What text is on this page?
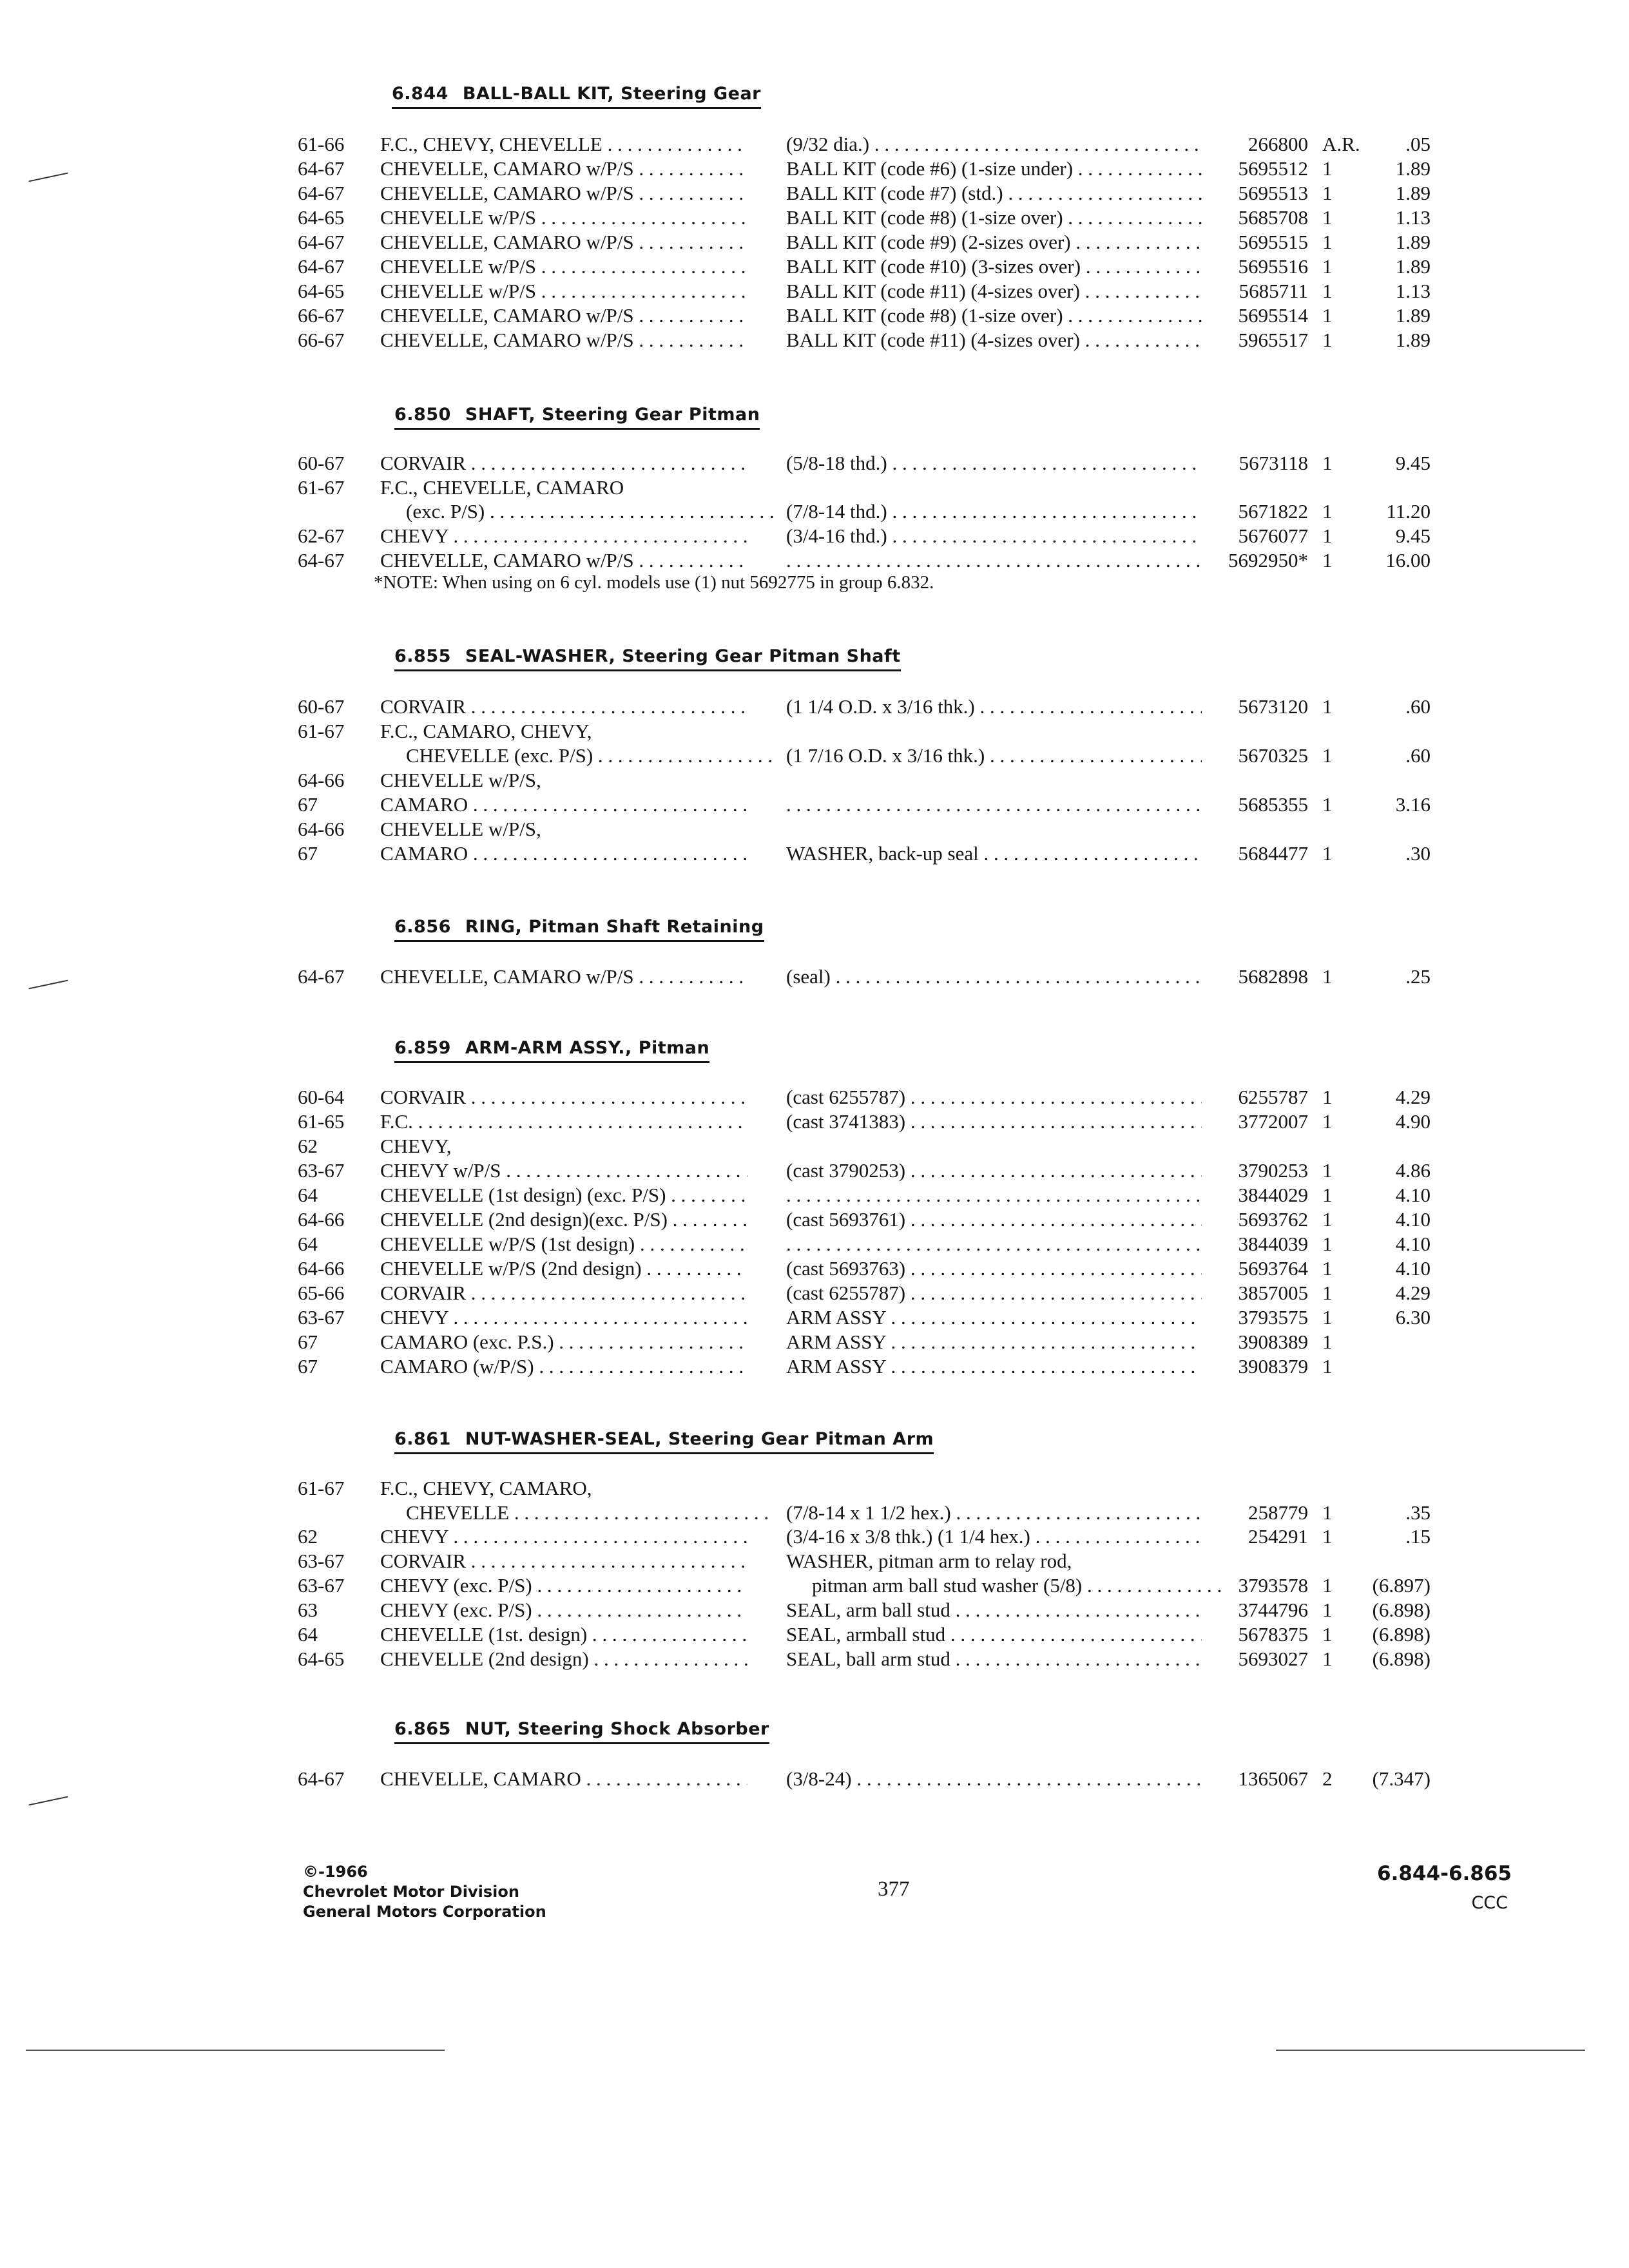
6.844 BALL-BALL KIT, Steering Gear
61-66 F.C., CHEVY, CHEVELLE . . .	(9/32 dia.) . . .	266800 A.R.	.05
64-67 CHEVELLE, CAMARO w/P/S . . .	BALL KIT (code #6) (1-size under) . . .	5695512 1	1.89
64-67 CHEVELLE, CAMARO w/P/S . . .	BALL KIT (code #7) (std.) . . .	5695513 1	1.89
64-65 CHEVELLE w/P/S . . .	BALL KIT (code #8) (1-size over) . . .	5685708 1	1.13
64-67 CHEVELLE, CAMARO w/P/S . . .	BALL KIT (code #9) (2-sizes over) . . .	5695515 1	1.89
64-67 CHEVELLE w/P/S . . .	BALL KIT (code #10) (3-sizes over) . . .	5695516 1	1.89
64-65 CHEVELLE w/P/S . . .	BALL KIT (code #11) (4-sizes over) . . .	5685711 1	1.13
66-67 CHEVELLE, CAMARO w/P/S . . .	BALL KIT (code #8) (1-size over) . . .	5695514 1	1.89
66-67 CHEVELLE, CAMARO w/P/S . . .	BALL KIT (code #11) (4-sizes over) . . .	5965517 1	1.89
6.850 SHAFT, Steering Gear Pitman
60-67 CORVAIR . . .	(5/8-18 thd.) . . .	5673118 1	9.45
61-67 F.C., CHEVELLE, CAMARO
(exc. P/S) . . .	(7/8-14 thd.) . . .	5671822 1	11.20
62-67 CHEVY . . .	(3/4-16 thd.) . . .	5676077 1	9.45
64-67 CHEVELLE, CAMARO w/P/S . . . . . .	5692950* 1	16.00
*NOTE: When using on 6 cyl. models use (1) nut 5692775 in group 6.832.
6.855 SEAL-WASHER, Steering Gear Pitman Shaft
60-67 CORVAIR . . .	(1 1/4 O.D. x 3/16 thk.) . . .	5673120 1	.60
61-67 F.C., CAMARO, CHEVY,
CHEVELLE (exc. P/S) . . .	(1 7/16 O.D. x 3/16 thk.) . . .	5670325 1	.60
64-66 CHEVELLE w/P/S,
67	CAMARO . . . . . .	5685355 1	3.16
64-66 CHEVELLE w/P/S,
67	CAMARO . . .	WASHER, back-up seal . . .	5684477 1	.30
6.856 RING, Pitman Shaft Retaining
64-67 CHEVELLE, CAMARO w/P/S . . .	(seal) . . .	5682898 1	.25
6.859 ARM-ARM ASSY., Pitman
60-64 CORVAIR . . .	(cast 6255787) . . .	6255787 1	4.29
61-65 F.C. . . .	(cast 3741383) . . .	3772007 1	4.90
62	CHEVY,
63-67 CHEVY w/P/S . . .	(cast 3790253) . . .	3790253 1	4.86
64	CHEVELLE (1st design) (exc. P/S) . . . . . .	3844029 1	4.10
64-66 CHEVELLE (2nd design)(exc. P/S) . . .	(cast 5693761) . . .	5693762 1	4.10
64	CHEVELLE w/P/S (1st design) . . . . . .	3844039 1	4.10
64-66 CHEVELLE w/P/S (2nd design) . . .	(cast 5693763) . . .	5693764 1	4.10
65-66 CORVAIR . . .	(cast 6255787) . . .	3857005 1	4.29
63-67 CHEVY . . .	ARM ASSY . . .	3793575 1	6.30
67	CAMARO (exc. P.S.) . . .	ARM ASSY . . .	3908389 1
67	CAMARO (w/P/S) . . .	ARM ASSY . . .	3908379 1
6.861 NUT-WASHER-SEAL, Steering Gear Pitman Arm
61-67 F.C., CHEVY, CAMARO,
CHEVELLE . . .	(7/8-14 x 1 1/2 hex.) . . .	258779 1	.35
62	CHEVY . . .	(3/4-16 x 3/8 thk.) (1 1/4 hex.) . . .	254291 1	.15
63-67 CORVAIR . . .	WASHER, pitman arm to relay rod,
63-67 CHEVY (exc. P/S) . . .	pitman arm ball stud washer (5/8) . . .	3793578 1	(6.897)
63	CHEVY (exc. P/S) . . .	SEAL, arm ball stud . . .	3744796 1	(6.898)
64	CHEVELLE (1st. design) . . .	SEAL, armball stud . . .	5678375 1	(6.898)
64-65 CHEVELLE (2nd design) . . .	SEAL, ball arm stud . . .	5693027 1	(6.898)
6.865 NUT, Steering Shock Absorber
64-67 CHEVELLE, CAMARO . . .	(3/8-24) . . .	1365067 2	(7.347)
©-1966
Chevrolet Motor Division
General Motors Corporation
377
6.844-6.865
CCC
